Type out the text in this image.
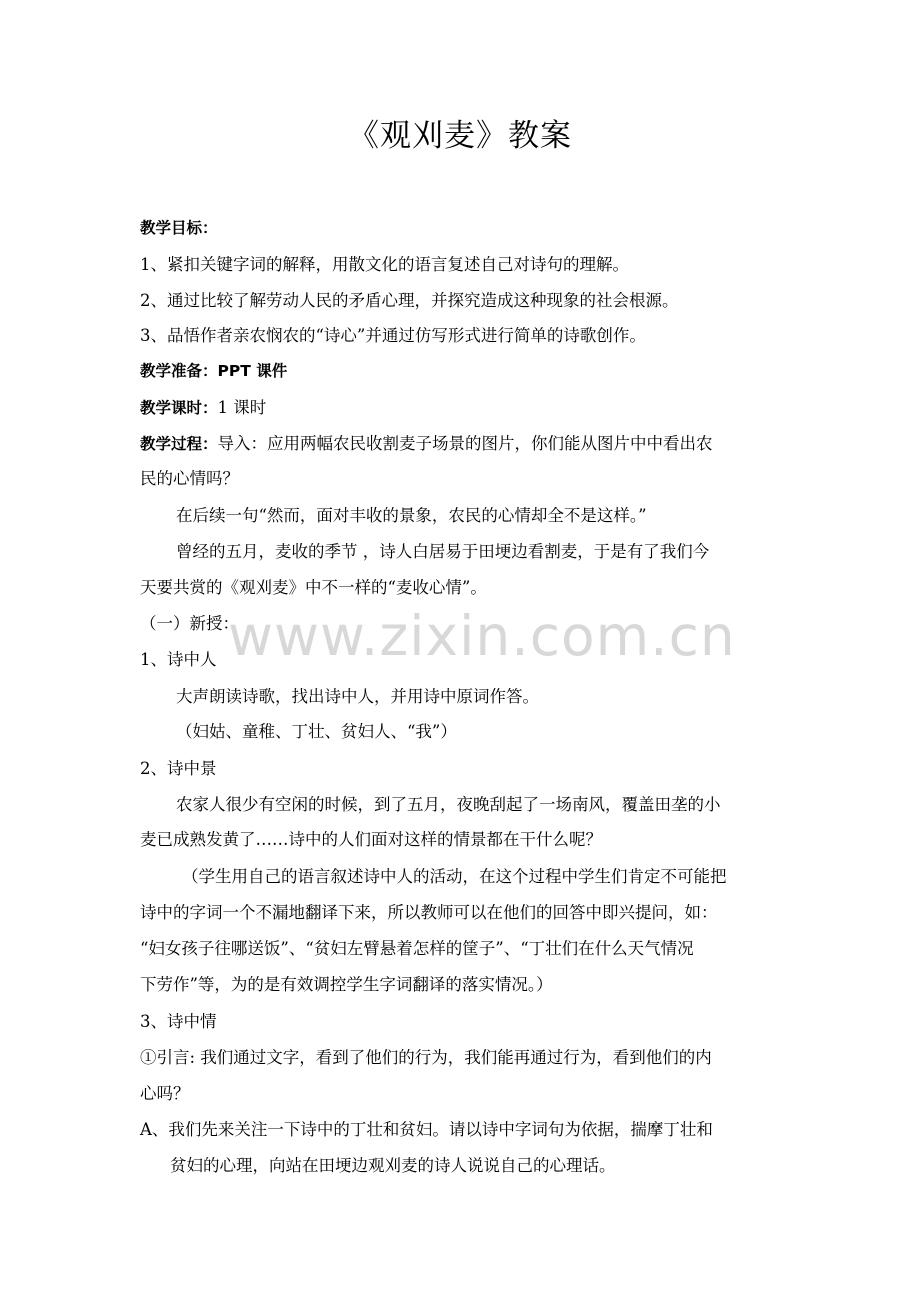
www.zixin.com.cn
《观刈麦》教案
教学目标：
1、紧扣关键字词的解释，用散文化的语言复述自己对诗句的理解。
2、通过比较了解劳动人民的矛盾心理，并探究造成这种现象的社会根源。
3、品悟作者亲农悯农的“诗心”并通过仿写形式进行简单的诗歌创作。
教学准备：PPT 课件
教学课时：1 课时
教学过程：导入：应用两幅农民收割麦子场景的图片，你们能从图片中中看出农
民的心情吗？
在后续一句“然而，面对丰收的景象，农民的心情却全不是这样。”
曾经的五月，麦收的季节 ，诗人白居易于田埂边看割麦，于是有了我们今
天要共赏的《观刈麦》中不一样的“麦收心情”。
（一）新授：
1、诗中人
大声朗读诗歌，找出诗中人，并用诗中原词作答。
（妇姑、童稚、丁壮、贫妇人、“我”）
2、诗中景
农家人很少有空闲的时候，到了五月，夜晚刮起了一场南风，覆盖田垄的小
麦已成熟发黄了……诗中的人们面对这样的情景都在干什么呢？
（学生用自己的语言叙述诗中人的活动，在这个过程中学生们肯定不可能把
诗中的字词一个不漏地翻译下来，所以教师可以在他们的回答中即兴提问，如：
“妇女孩子往哪送饭”、“贫妇左臂悬着怎样的筐子”、“丁壮们在什么天气情况
下劳作”等，为的是有效调控学生字词翻译的落实情况。）
3、诗中情
①引言: 我们通过文字，看到了他们的行为，我们能再通过行为，看到他们的内
心吗？
A、我们先来关注一下诗中的丁壮和贫妇。请以诗中字词句为依据，揣摩丁壮和
贫妇的心理，向站在田埂边观刈麦的诗人说说自己的心理话。
